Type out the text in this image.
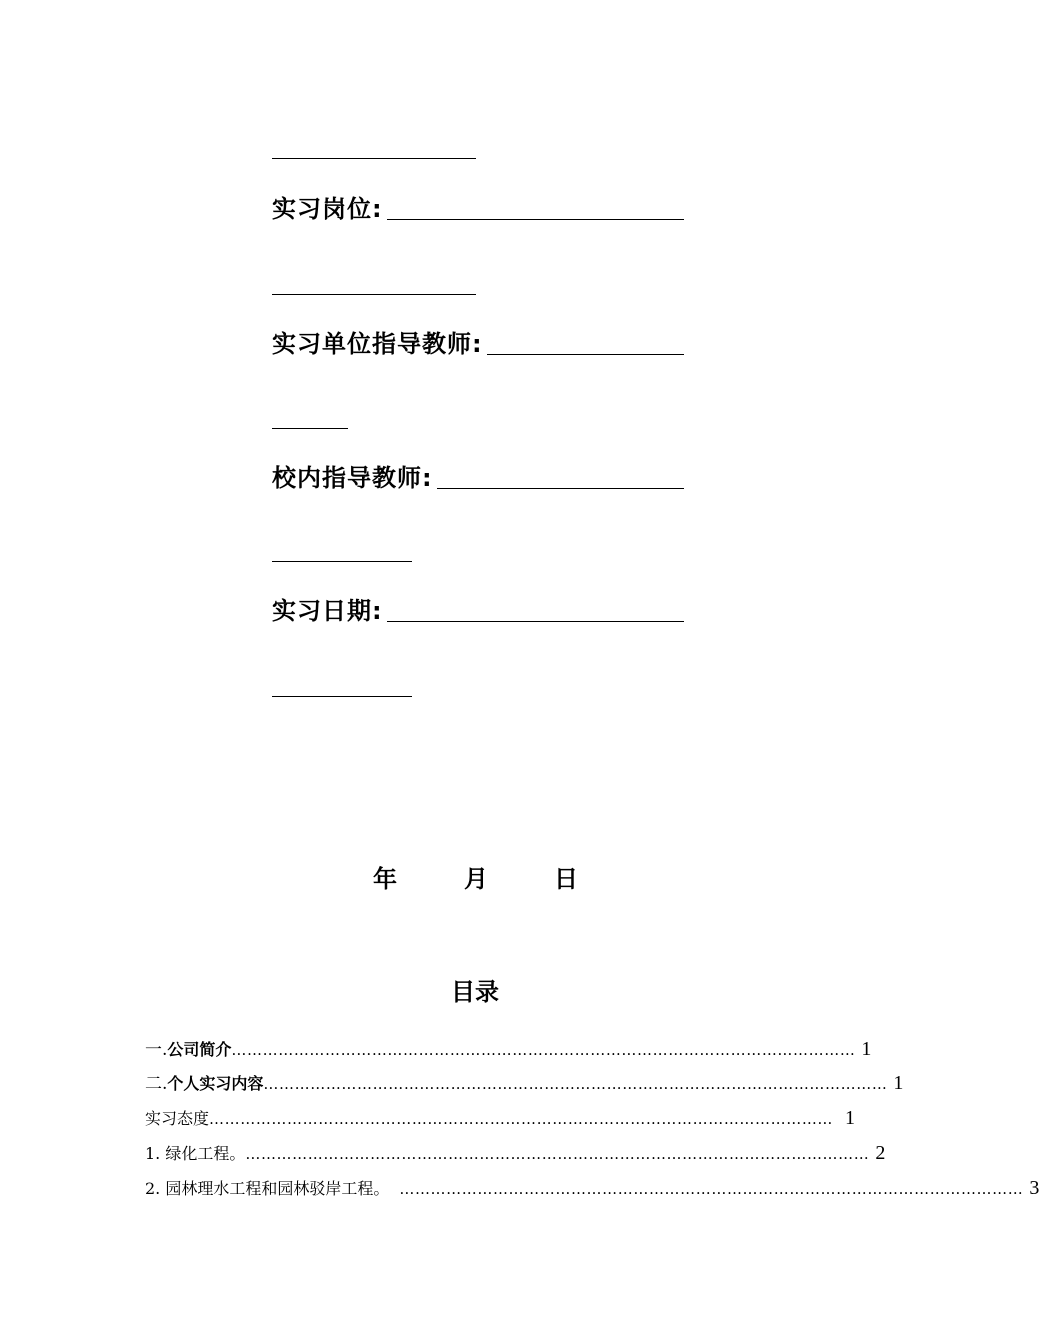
实习岗位:
实习单位指导教师:
校内指导教师:
实习日期:
年	月	日
目录
一. 公司简介 ………………………………………………………………………………………………………… 1
二. 个人实习内容 ………………………………………………………………………………………………………… 1
实习态度 ………………………………………………………………………………………………………… 1
1. 绿化工程。 ………………………………………………………………………………………………………… 2
2. 园林理水工程和园林驳岸工程。 ………………………………………………………………………………………………………… 3
